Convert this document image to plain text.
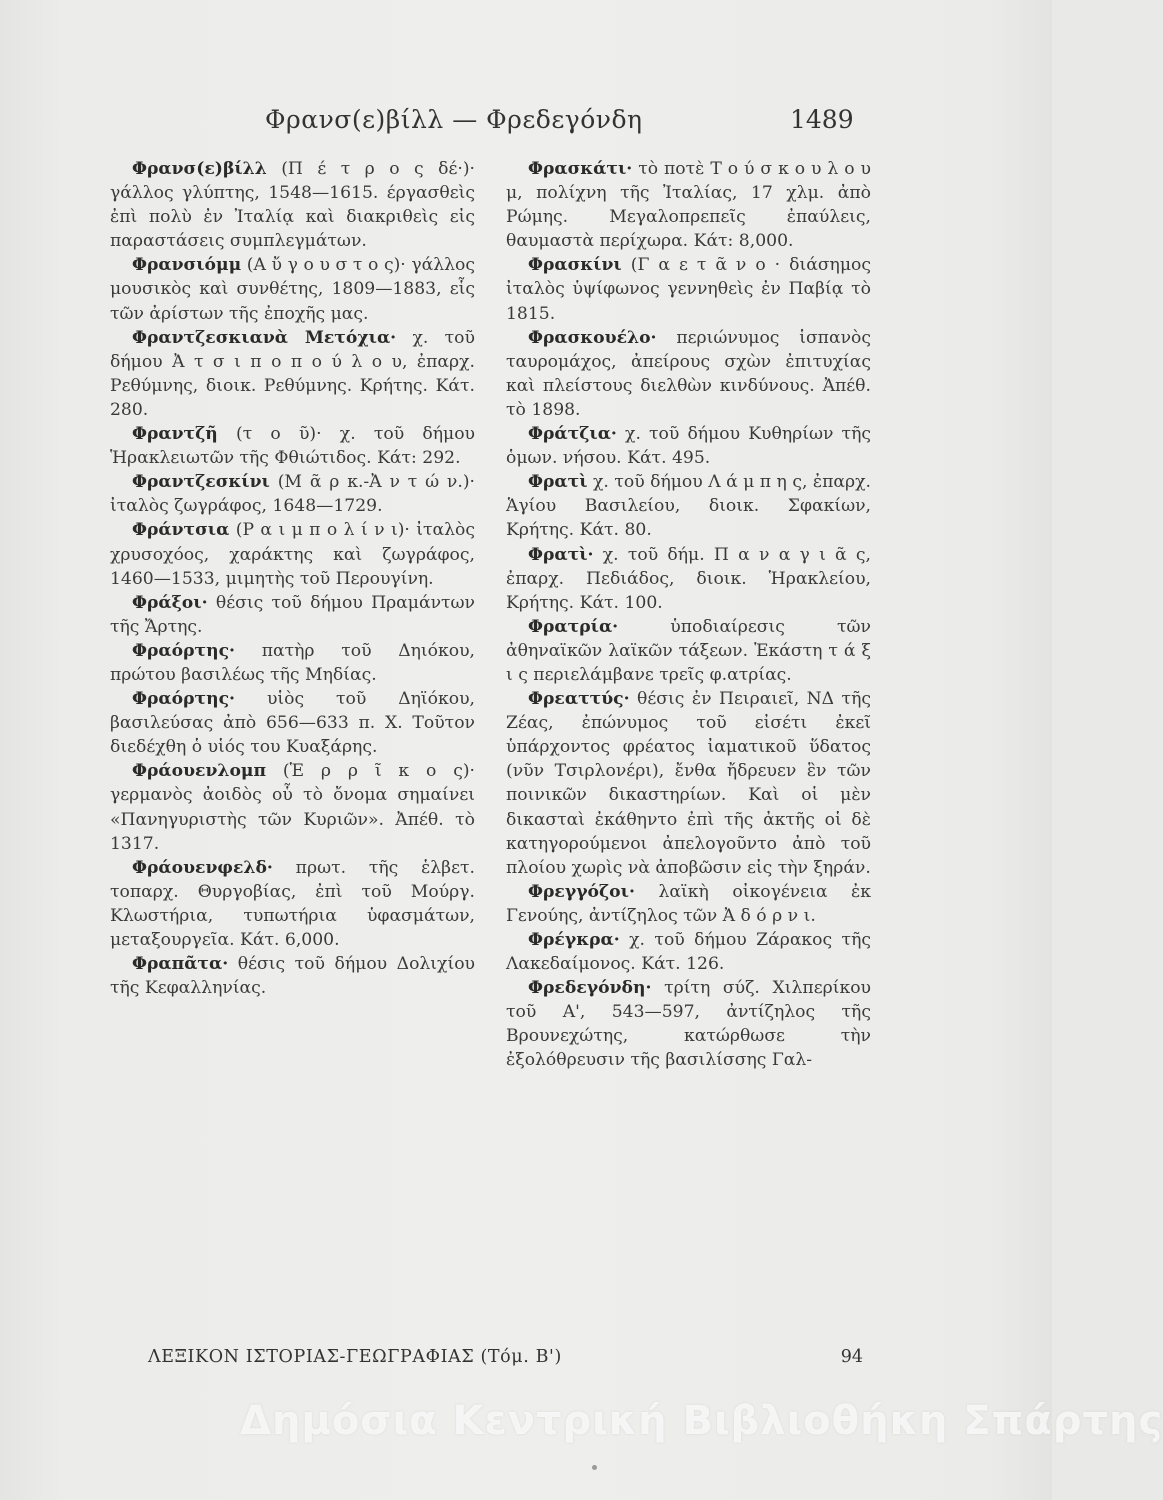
Φρανσ(ε)βίλλ — Φρεδεγόνδη	1489

Φρανσ(ε)βίλλ (Π έ τ ρ ο ς δέ·)· γάλλος γλύπτης, 1548—1615. έργασθεὶς ἐπὶ πολὺ ἐν Ἰταλίᾳ καὶ διακριθεὶς εἰς παραστάσεις συμπλεγμάτων.

Φρανσιόμμ (Α ὔ γ ο υ σ τ ο ς)· γάλλος μουσικὸς καὶ συνθέτης, 1809—1883, εἷς τῶν ἀρίστων τῆς ἐποχῆς μας.

Φραντζεσκιανὰ Μετόχια· χ. τοῦ δήμου Ἀ τ σ ι π ο π ο ύ λ ο υ, ἐπαρχ. Ρεθύμνης, διοικ. Ρεθύμνης. Κρήτης. Κάτ. 280.

Φραντζῆ (τ ο ῦ)· χ. τοῦ δήμου Ἡρακλειωτῶν τῆς Φθιώτιδος. Κάτ: 292.

Φραντζεσκίνι (Μ ᾶ ρ κ.-Ἀ ν τ ώ ν.)· ἰταλὸς ζωγράφος, 1648—1729.

Φράντσια (Ρ α ι μ π ο λ ί ν ι)· ἰταλὸς χρυσοχόος, χαράκτης καὶ ζωγράφος, 1460—1533, μιμητὴς τοῦ Περουγίνη.

Φράξοι· θέσις τοῦ δήμου Πραμάντων τῆς Ἄρτης.

Φραόρτης· πατὴρ τοῦ Δηιόκου, πρώτου βασιλέως τῆς Μηδίας.

Φραόρτης· υἱὸς τοῦ Δηϊόκου, βασιλεύσας ἀπὸ 656—633 π. Χ. Τοῦτον διεδέχθη ὁ υἱός του Κυαξάρης.

Φράουενλομπ (Ἑ ρ ρ ῖ κ ο ς)· γερμανὸς ἀοιδὸς οὗ τὸ ὄνομα σημαίνει «Πανηγυριστὴς τῶν Κυριῶν». Ἀπέθ. τὸ 1317.

Φράουενφελδ· πρωτ. τῆς ἑλβετ. τοπαρχ. Θυργοβίας, ἐπὶ τοῦ Μούργ. Κλωστήρια, τυπωτήρια ὑφασμάτων, μεταξουργεῖα. Κάτ. 6,000.

Φραπᾶτα· θέσις τοῦ δήμου Δολιχίου τῆς Κεφαλληνίας.

Φρασκάτι· τὸ ποτὲ Τ ο ύ σ κ ο υ λ ο υ μ, πολίχνη τῆς Ἰταλίας, 17 χλμ. ἀπὸ Ρώμης. Μεγαλοπρεπεῖς ἐπαύλεις, θαυμαστὰ περίχωρα. Κάτ: 8,000.

Φρασκίνι (Γ α ε τ ᾶ ν ο · διάσημος ἰταλὸς ὑψίφωνος γεννηθεὶς ἐν Παβίᾳ τὸ 1815.

Φρασκουέλο· περιώνυμος ἱσπανὸς ταυρομάχος, ἀπείρους σχὼν ἐπιτυχίας καὶ πλείστους διελθὼν κινδύνους. Ἀπέθ. τὸ 1898.

Φράτζια· χ. τοῦ δήμου Κυθηρίων τῆς ὁμων. νήσου. Κάτ. 495.

Φρατὶ χ. τοῦ δήμου Λ ά μ π η ς, ἐπαρχ. Ἁγίου Βασιλείου, διοικ. Σφακίων, Κρήτης. Κάτ. 80.

Φρατὶ· χ. τοῦ δήμ. Π α ν α γ ι ᾶ ς, ἐπαρχ. Πεδιάδος, διοικ. Ἡρακλείου, Κρήτης. Κάτ. 100.

Φρατρία· ὑποδιαίρεσις τῶν ἀθηναϊκῶν λαϊκῶν τάξεων. Ἑκάστη τ ά ξ ι ς περιελάμβανε τρεῖς φ.ατρίας.

Φρεαττύς· θέσις ἐν Πειραιεῖ, ΝΔ τῆς Ζέας, ἐπώνυμος τοῦ εἰσέτι ἐκεῖ ὑπάρχοντος φρέατος ἰαματικοῦ ὕδατος (νῦν Τσιρλονέρι), ἔνθα ἤδρευεν ἓν τῶν ποινικῶν δικαστηρίων. Καὶ οἱ μὲν δικασταὶ ἐκάθηντο ἐπὶ τῆς ἀκτῆς οἱ δὲ κατηγορούμενοι ἀπελογοῦντο ἀπὸ τοῦ πλοίου χωρὶς νὰ ἀποβῶσιν εἰς τὴν ξηράν.

Φρεγγόζοι· λαϊκὴ οἰκογένεια ἐκ Γενούης, ἀντίζηλος τῶν Ἀ δ ό ρ ν ι.

Φρέγκρα· χ. τοῦ δήμου Ζάρακος τῆς Λακεδαίμονος. Κάτ. 126.

Φρεδεγόνδη· τρίτη σύζ. Χιλπερίκου τοῦ Α', 543—597, ἀντίζηλος τῆς Βρουνεχώτης, κατώρθωσε τὴν ἐξολόθρευσιν τῆς βασιλίσσης Γαλ-

ΛΕΞΙΚΟΝ ΙΣΤΟΡΙΑΣ-ΓΕΩΓΡΑΦΙΑΣ (Τόμ. Β')	94
Δημόσια Κεντρική Βιβλιοθήκη Σπάρτης
